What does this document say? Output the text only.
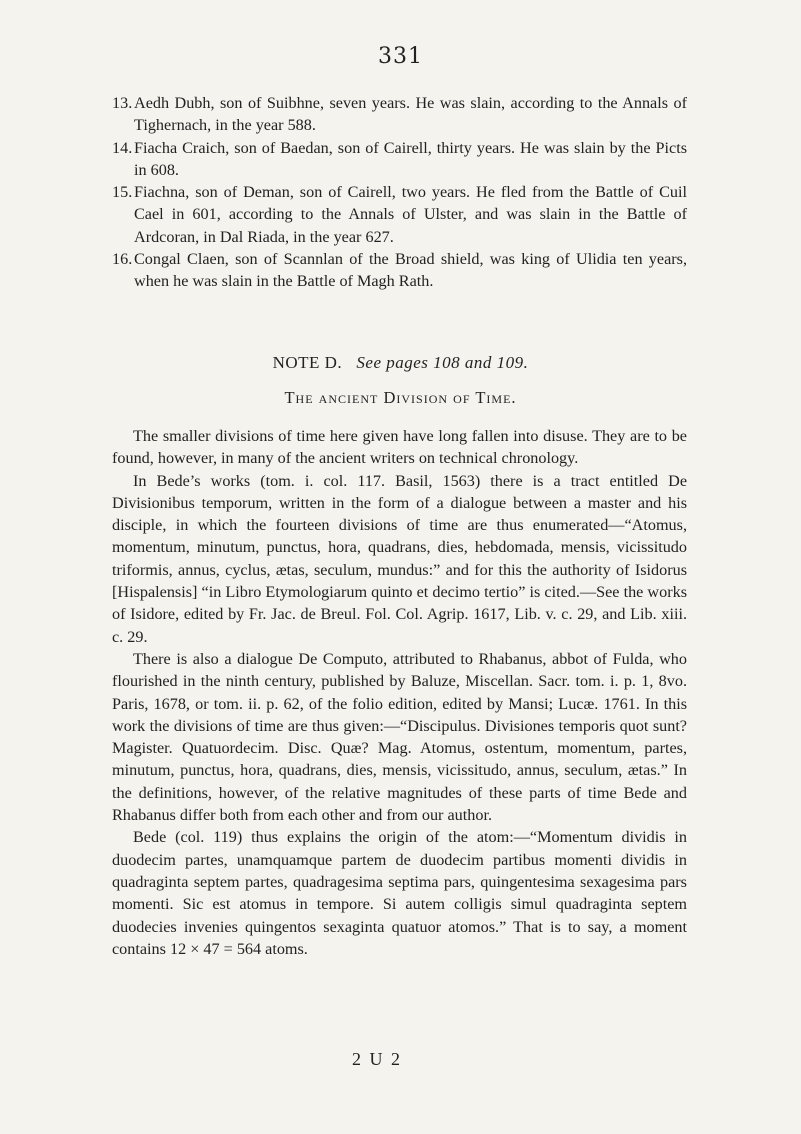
331
13. Aedh Dubh, son of Suibhne, seven years. He was slain, according to the Annals of Tighernach, in the year 588.
14. Fiacha Craich, son of Baedan, son of Cairell, thirty years. He was slain by the Picts in 608.
15. Fiachna, son of Deman, son of Cairell, two years. He fled from the Battle of Cuil Cael in 601, according to the Annals of Ulster, and was slain in the Battle of Ardcoran, in Dal Riada, in the year 627.
16. Congal Claen, son of Scannlan of the Broad shield, was king of Ulidia ten years, when he was slain in the Battle of Magh Rath.
NOTE D. See pages 108 and 109.
The ancient Division of Time.

The smaller divisions of time here given have long fallen into disuse. They are to be found, however, in many of the ancient writers on technical chronology.

In Bede’s works (tom. i. col. 117. Basil, 1563) there is a tract entitled De Divisionibus temporum, written in the form of a dialogue between a master and his disciple, in which the fourteen divisions of time are thus enumerated—“Atomus, momentum, minutum, punctus, hora, quadrans, dies, hebdomada, mensis, vicissitudo triformis, annus, cyclus, ætas, seculum, mundus:” and for this the authority of Isidorus [Hispalensis] “in Libro Etymologiarum quinto et decimo tertio” is cited.—See the works of Isidore, edited by Fr. Jac. de Breul. Fol. Col. Agrip. 1617, Lib. v. c. 29, and Lib. xiii. c. 29.

There is also a dialogue De Computo, attributed to Rhabanus, abbot of Fulda, who flourished in the ninth century, published by Baluze, Miscellan. Sacr. tom. i. p. 1, 8vo. Paris, 1678, or tom. ii. p. 62, of the folio edition, edited by Mansi; Lucæ. 1761. In this work the divisions of time are thus given:—“Discipulus. Divisiones temporis quot sunt? Magister. Quatuordecim. Disc. Quæ? Mag. Atomus, ostentum, momentum, partes, minutum, punctus, hora, quadrans, dies, mensis, vicissitudo, annus, seculum, ætas.” In the definitions, however, of the relative magnitudes of these parts of time Bede and Rhabanus differ both from each other and from our author.

Bede (col. 119) thus explains the origin of the atom:—“Momentum dividis in duodecim partes, unamquamque partem de duodecim partibus momenti dividis in quadraginta septem partes, quadragesima septima pars, quingentesima sexagesima pars momenti. Sic est atomus in tempore. Si autem colligis simul quadraginta septem duodecies invenies quingentos sexaginta quatuor atomos.” That is to say, a moment contains 12 × 47 = 564 atoms.

2 U 2
